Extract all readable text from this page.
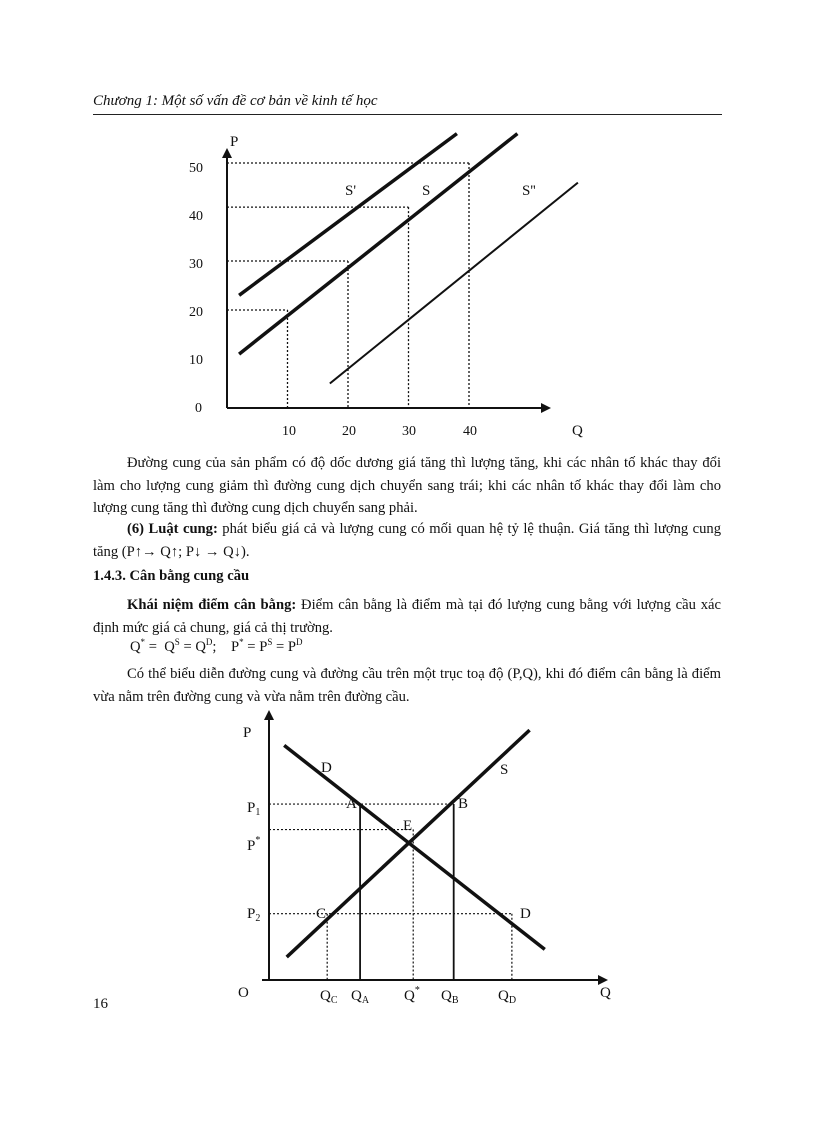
Chương 1: Một số vấn đề cơ bản về kinh tế học
P
Q
0
10
20
30
40
50
10	20	30	40
S'	S	S''
P
Q
O
D	S
$P_1$
P*
$P_2$
$Q_C$ $Q_A$ Q* $Q_B$	$Q_D$
A	B
E
C	D
Đường cung của sản phẩm có độ dốc dương giá tăng thì lượng tăng, khi các nhân tố khác thay đổi làm cho lượng cung giảm thì đường cung dịch chuyển sang trái; khi các nhân tố khác thay đổi làm cho lượng cung tăng thì đường cung dịch chuyển sang phải.
(6) Luật cung: phát biểu giá cả và lượng cung có mối quan hệ tỷ lệ thuận. Giá tăng thì lượng cung tăng (P↑→ Q↑; P↓ → Q↓).
1.4.3. Cân bằng cung cầu
Khái niệm điểm cân bằng: Điểm cân bằng là điểm mà tại đó lượng cung bằng với lượng cầu xác định mức giá cả chung, giá cả thị trường.
$Q^* = Q^S = Q^D$;    $P^* = P^S = P^D$
Có thể biểu diễn đường cung và đường cầu trên một trục toạ độ (P,Q), khi đó điểm cân bằng là điểm vừa nằm trên đường cung và vừa nằm trên đường cầu.
16
